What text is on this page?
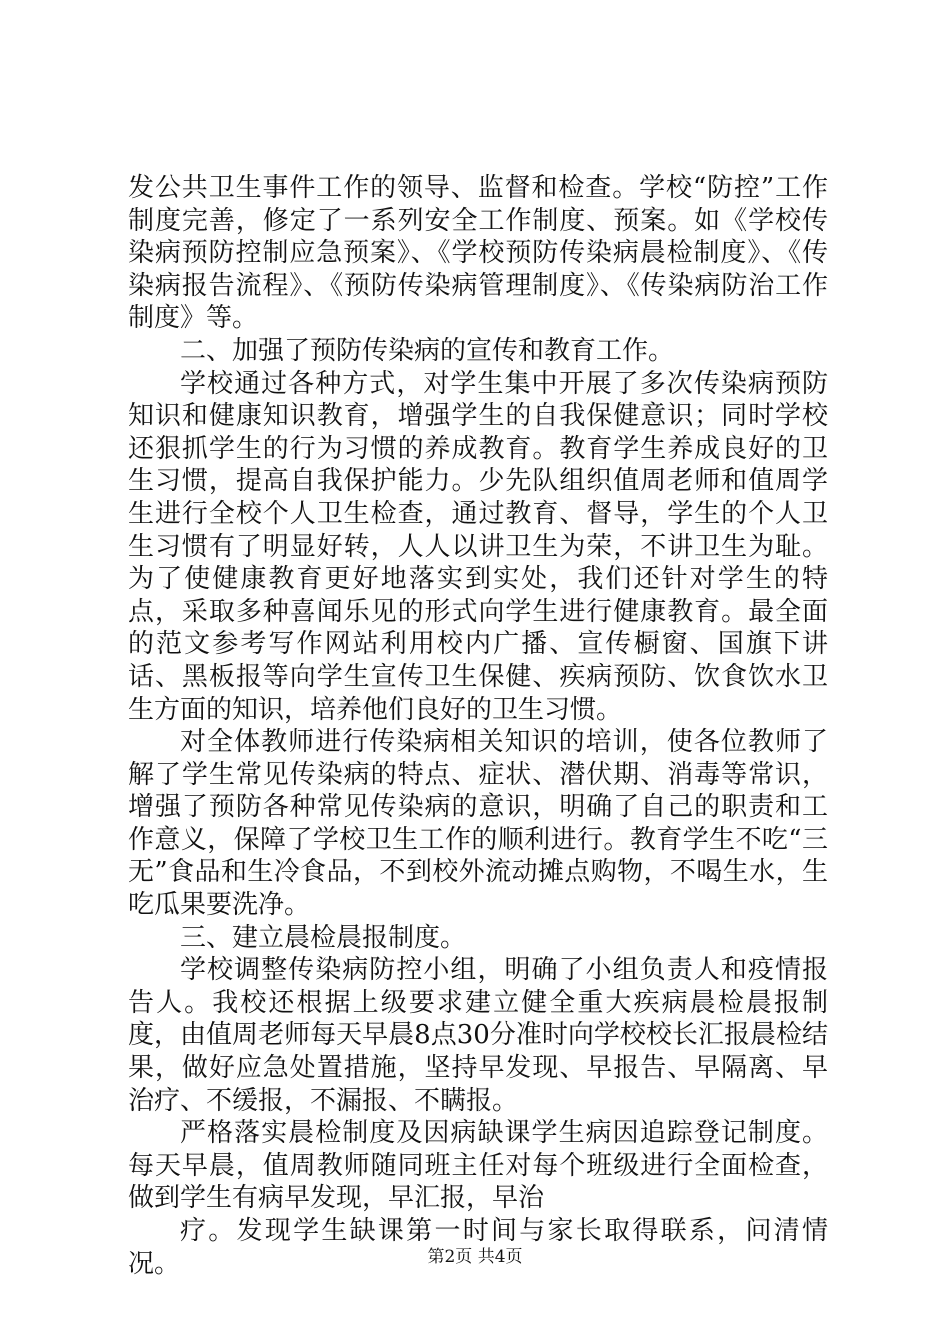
发公共卫生事件工作的领导、监督和检查。学校“防控”工作制度完善，修定了一系列安全工作制度、预案。如《学校传染病预防控制应急预案》、《学校预防传染病晨检制度》、《传染病报告流程》、《预防传染病管理制度》、《传染病防治工作制度》等。

二、加强了预防传染病的宣传和教育工作。

学校通过各种方式，对学生集中开展了多次传染病预防知识和健康知识教育，增强学生的自我保健意识；同时学校还狠抓学生的行为习惯的养成教育。教育学生养成良好的卫生习惯，提高自我保护能力。少先队组织值周老师和值周学生进行全校个人卫生检查，通过教育、督导，学生的个人卫生习惯有了明显好转，人人以讲卫生为荣，不讲卫生为耻。为了使健康教育更好地落实到实处，我们还针对学生的特点，采取多种喜闻乐见的形式向学生进行健康教育。最全面的范文参考写作网站利用校内广播、宣传橱窗、国旗下讲话、黑板报等向学生宣传卫生保健、疾病预防、饮食饮水卫生方面的知识，培养他们良好的卫生习惯。

对全体教师进行传染病相关知识的培训，使各位教师了解了学生常见传染病的特点、症状、潜伏期、消毒等常识，增强了预防各种常见传染病的意识，明确了自己的职责和工作意义，保障了学校卫生工作的顺利进行。教育学生不吃“三无”食品和生冷食品，不到校外流动摊点购物，不喝生水，生吃瓜果要洗净。

三、建立晨检晨报制度。

学校调整传染病防控小组，明确了小组负责人和疫情报告人。我校还根据上级要求建立健全重大疾病晨检晨报制度，由值周老师每天早晨8点30分准时向学校校长汇报晨检结果，做好应急处置措施，坚持早发现、早报告、早隔离、早治疗、不缓报，不漏报、不瞒报。

严格落实晨检制度及因病缺课学生病因追踪登记制度。每天早晨，值周教师随同班主任对每个班级进行全面检查，做到学生有病早发现，早汇报，早治

疗。发现学生缺课第一时间与家长取得联系，问清情况。	第2页 共4页
